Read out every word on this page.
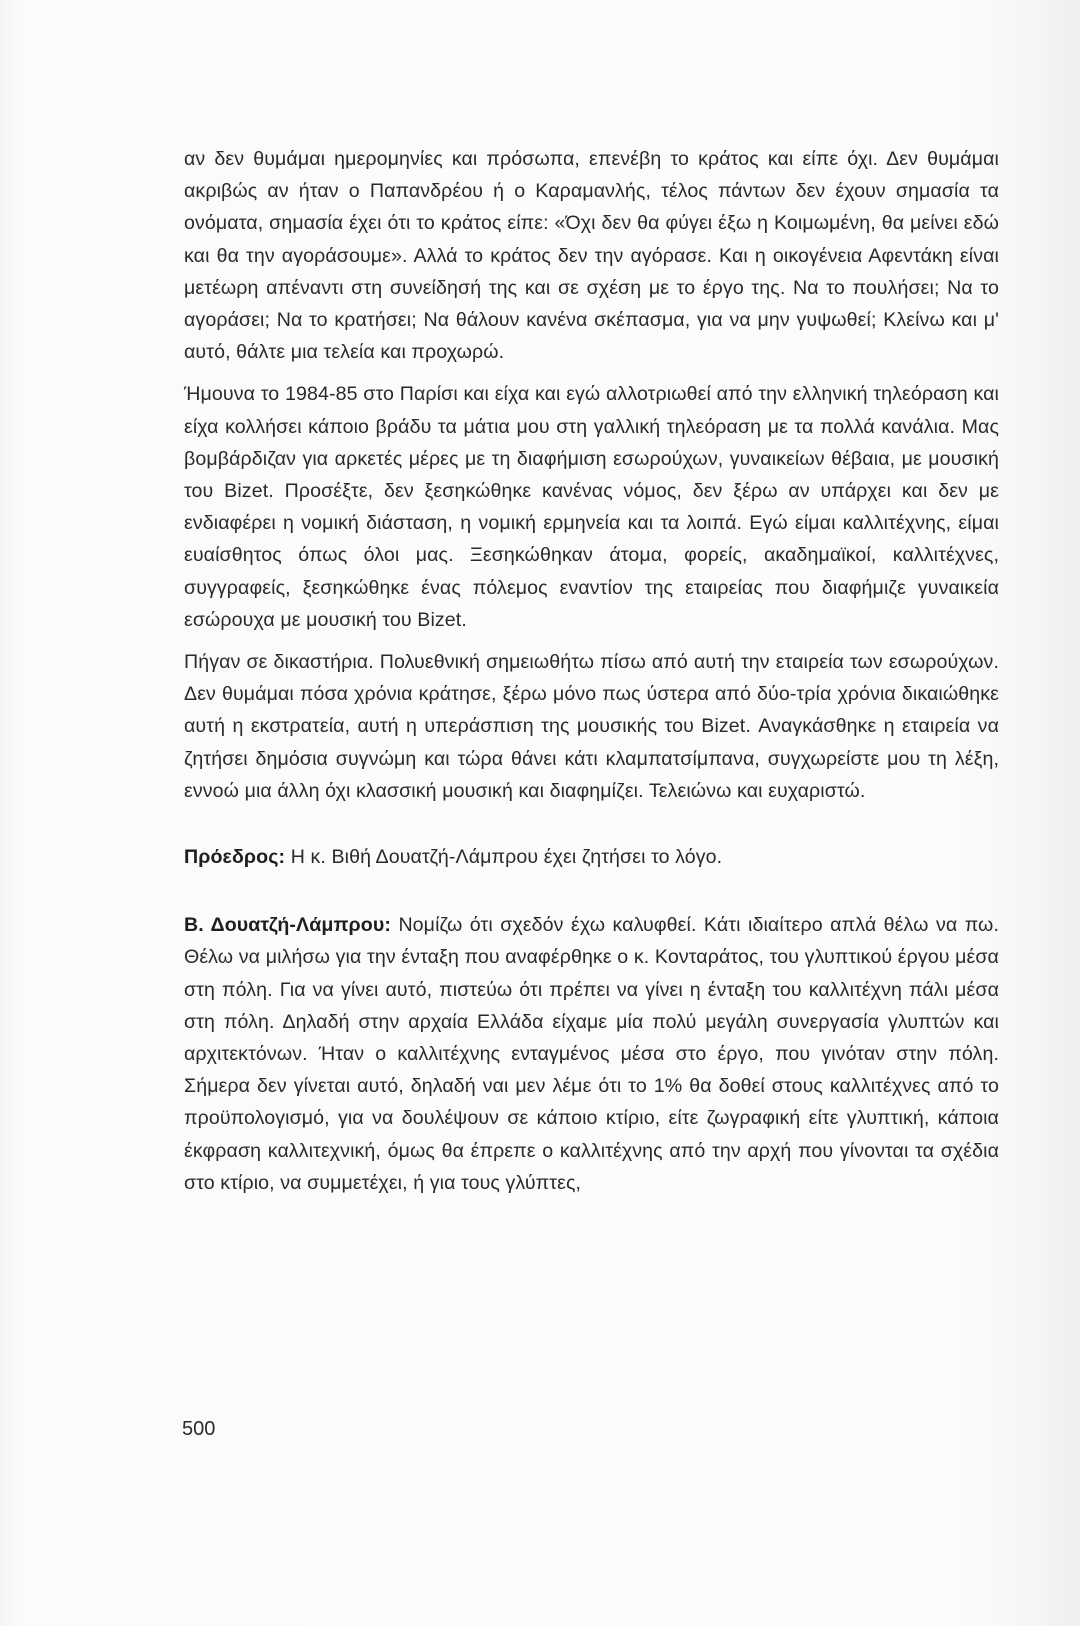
αν δεν θυμάμαι ημερομηνίες και πρόσωπα, επενέβη το κράτος και είπε όχι. Δεν θυμάμαι ακριβώς αν ήταν ο Παπανδρέου ή ο Καραμανλής, τέλος πάντων δεν έχουν σημασία τα ονόματα, σημασία έχει ότι το κράτος είπε: «Όχι δεν θα φύγει έξω η Κοιμωμένη, θα μείνει εδώ και θα την αγοράσουμε». Αλλά το κράτος δεν την αγόρασε. Και η οικογένεια Αφεντάκη είναι μετέωρη απέναντι στη συνείδησή της και σε σχέση με το έργο της. Να το πουλήσει; Να το αγοράσει; Να το κρατήσει; Να θάλουν κανένα σκέπασμα, για να μην γυψωθεί; Κλείνω και μ' αυτό, θάλτε μια τελεία και προχωρώ.

Ήμουνα το 1984-85 στο Παρίσι και είχα και εγώ αλλοτριωθεί από την ελληνική τηλεόραση και είχα κολλήσει κάποιο βράδυ τα μάτια μου στη γαλλική τηλεόραση με τα πολλά κανάλια. Μας βομβάρδιζαν για αρκετές μέρες με τη διαφήμιση εσωρούχων, γυναικείων θέβαια, με μουσική του Bizet. Προσέξτε, δεν ξεσηκώθηκε κανένας νόμος, δεν ξέρω αν υπάρχει και δεν με ενδιαφέρει η νομική διάσταση, η νομική ερμηνεία και τα λοιπά. Εγώ είμαι καλλιτέχνης, είμαι ευαίσθητος όπως όλοι μας. Ξεσηκώθηκαν άτομα, φορείς, ακαδημαϊκοί, καλλιτέχνες, συγγραφείς, ξεσηκώθηκε ένας πόλεμος εναντίον της εταιρείας που διαφήμιζε γυναικεία εσώρουχα με μουσική του Bizet.

Πήγαν σε δικαστήρια. Πολυεθνική σημειωθήτω πίσω από αυτή την εταιρεία των εσωρούχων. Δεν θυμάμαι πόσα χρόνια κράτησε, ξέρω μόνο πως ύστερα από δύο-τρία χρόνια δικαιώθηκε αυτή η εκστρατεία, αυτή η υπεράσπιση της μουσικής του Bizet. Αναγκάσθηκε η εταιρεία να ζητήσει δημόσια συγνώμη και τώρα θάνει κάτι κλαμπατσίμπανα, συγχωρείστε μου τη λέξη, εννοώ μια άλλη όχι κλασσική μουσική και διαφημίζει. Τελειώνω και ευχαριστώ.

Πρόεδρος: Η κ. Βιθή Δουατζή-Λάμπρου έχει ζητήσει το λόγο.

Β. Δουατζή-Λάμπρου: Νομίζω ότι σχεδόν έχω καλυφθεί. Κάτι ιδιαίτερο απλά θέλω να πω. Θέλω να μιλήσω για την ένταξη που αναφέρθηκε ο κ. Κονταράτος, του γλυπτικού έργου μέσα στη πόλη. Για να γίνει αυτό, πιστεύω ότι πρέπει να γίνει η ένταξη του καλλιτέχνη πάλι μέσα στη πόλη. Δηλαδή στην αρχαία Ελλάδα είχαμε μία πολύ μεγάλη συνεργασία γλυπτών και αρχιτεκτόνων. Ήταν ο καλλιτέχνης ενταγμένος μέσα στο έργο, που γινόταν στην πόλη. Σήμερα δεν γίνεται αυτό, δηλαδή ναι μεν λέμε ότι το 1% θα δοθεί στους καλλιτέχνες από το προϋπολογισμό, για να δουλέψουν σε κάποιο κτίριο, είτε ζωγραφική είτε γλυπτική, κάποια έκφραση καλλιτεχνική, όμως θα έπρεπε ο καλλιτέχνης από την αρχή που γίνονται τα σχέδια στο κτίριο, να συμμετέχει, ή για τους γλύπτες,

500
